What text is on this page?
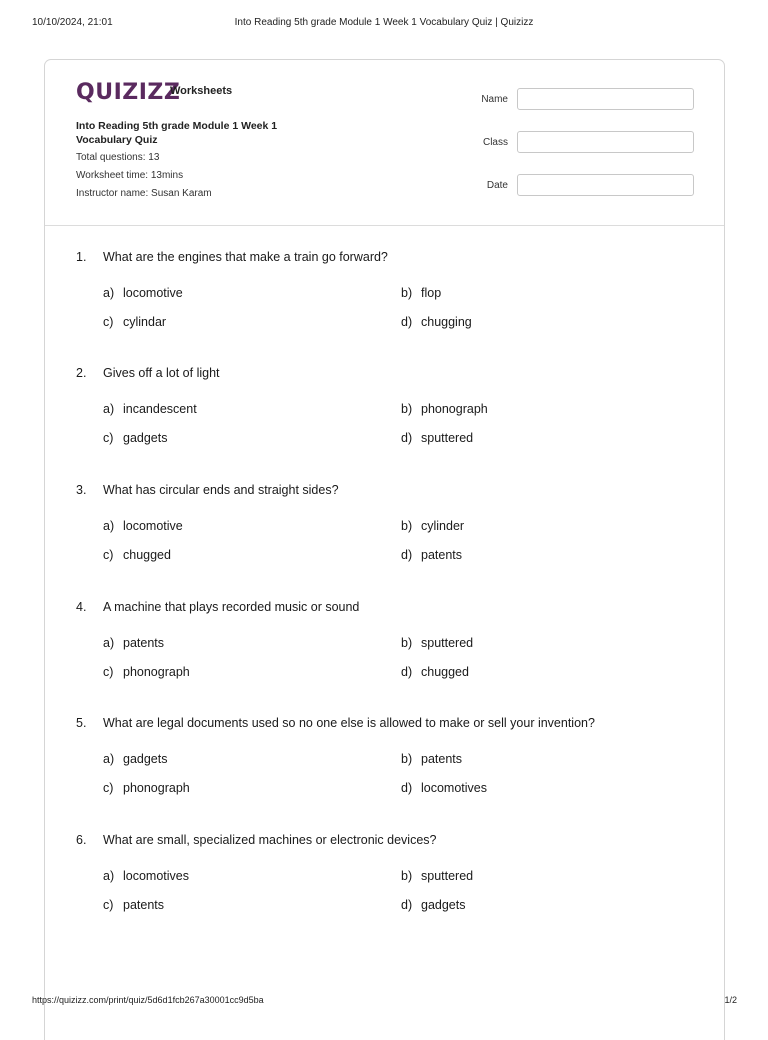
10/10/2024, 21:01	Into Reading 5th grade Module 1 Week 1 Vocabulary Quiz | Quizizz
QUIZIZZ
Worksheets
Into Reading 5th grade Module 1 Week 1 Vocabulary Quiz
Total questions: 13
Worksheet time: 13mins
Instructor name: Susan Karam
Name
Class
Date
1. What are the engines that make a train go forward?
a) locomotive	b) flop
c) cylindar	d) chugging
2. Gives off a lot of light
a) incandescent	b) phonograph
c) gadgets	d) sputtered
3. What has circular ends and straight sides?
a) locomotive	b) cylinder
c) chugged	d) patents
4. A machine that plays recorded music or sound
a) patents	b) sputtered
c) phonograph	d) chugged
5. What are legal documents used so no one else is allowed to make or sell your invention?
a) gadgets	b) patents
c) phonograph	d) locomotives
6. What are small, specialized machines or electronic devices?
a) locomotives	b) sputtered
c) patents	d) gadgets
https://quizizz.com/print/quiz/5d6d1fcb267a30001cc9d5ba	1/2
